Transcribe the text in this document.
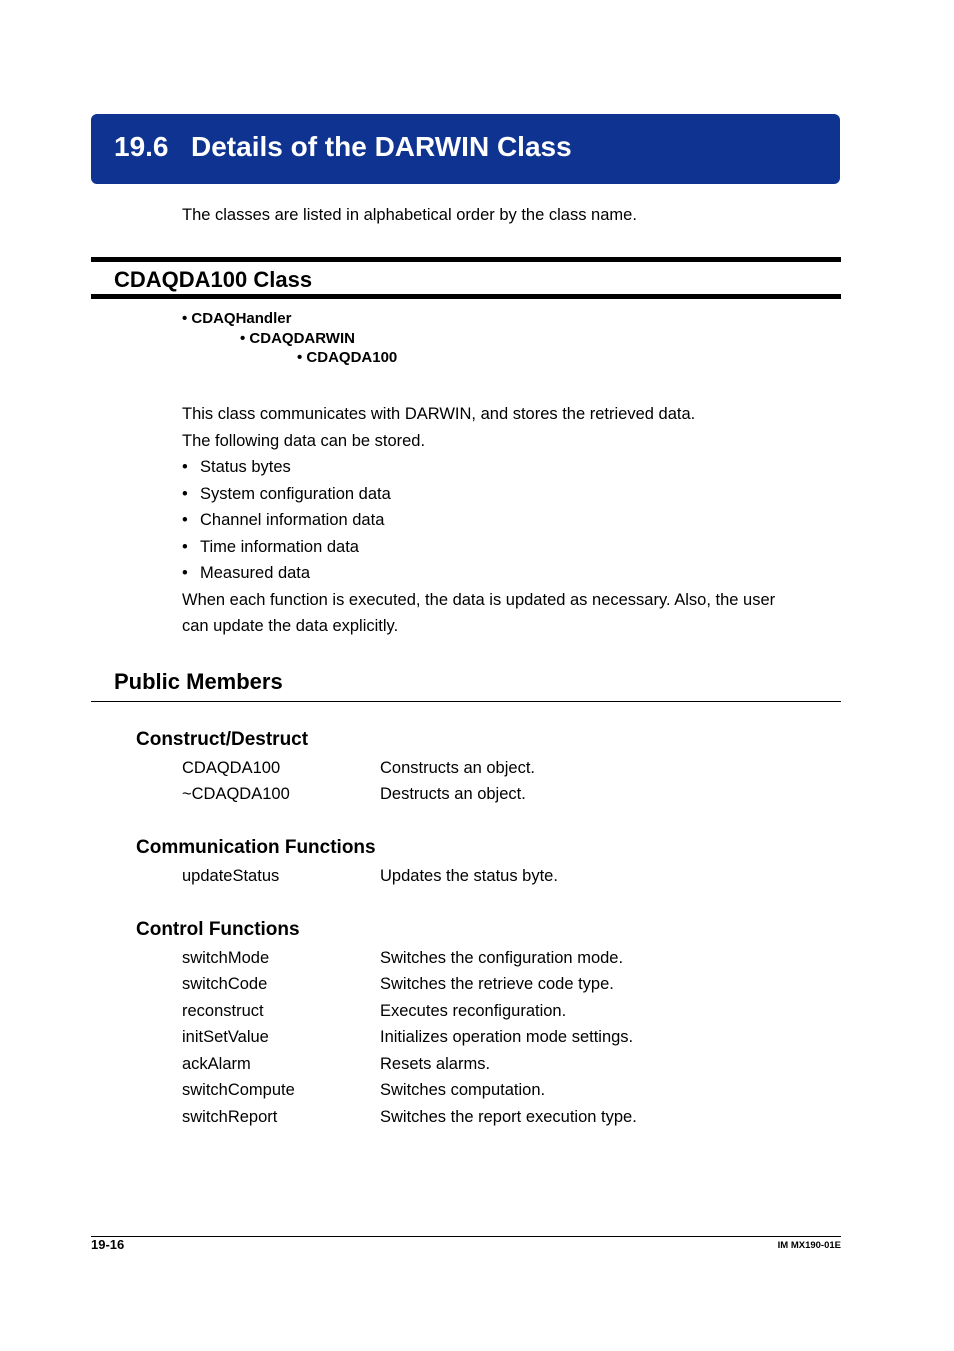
19.6 Details of the DARWIN Class
The classes are listed in alphabetical order by the class name.
CDAQDA100 Class
• CDAQHandler
• CDAQDARWIN
• CDAQDA100
This class communicates with DARWIN, and stores the retrieved data.
The following data can be stored.
• Status bytes
• System configuration data
• Channel information data
• Time information data
• Measured data
When each function is executed, the data is updated as necessary. Also, the user
can update the data explicitly.
Public Members
Construct/Destruct
CDAQDA100	Constructs an object.
~CDAQDA100	Destructs an object.
Communication Functions
updateStatus	Updates the status byte.
Control Functions
switchMode	Switches the configuration mode.
switchCode	Switches the retrieve code type.
reconstruct	Executes reconfiguration.
initSetValue	Initializes operation mode settings.
ackAlarm	Resets alarms.
switchCompute	Switches computation.
switchReport	Switches the report execution type.
19-16	IM MX190-01E
